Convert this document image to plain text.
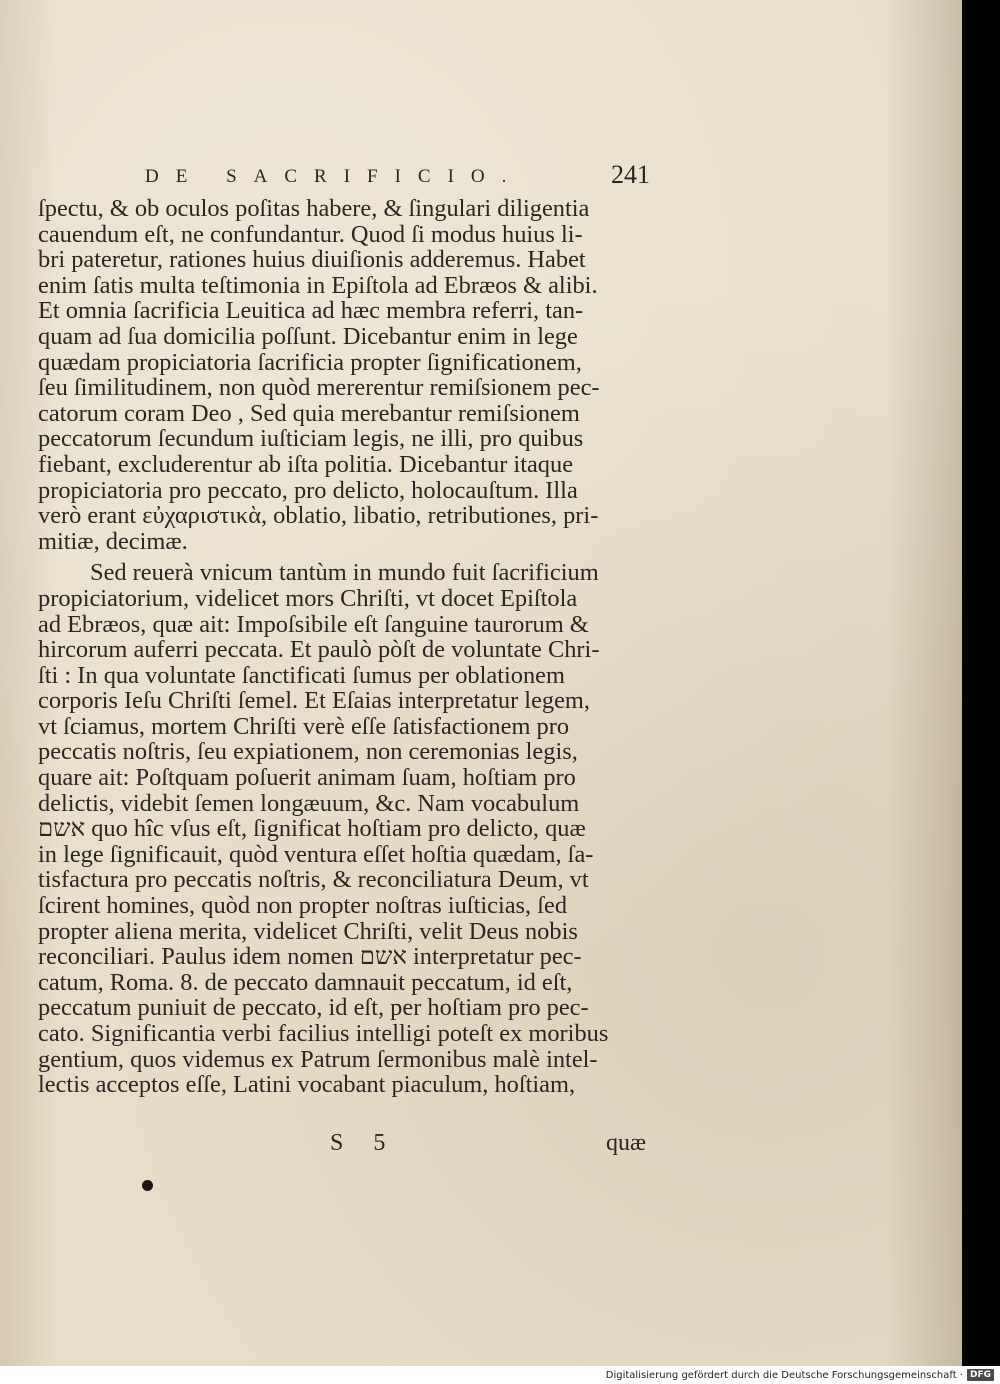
DE SACRIFICIO.	241
ſpectu, & ob oculos poſitas habere, & ſingulari diligentia
cauendum eſt, ne confundantur. Quod ſi modus huius li-
bri pateretur, rationes huius diuiſionis adderemus. Habet
enim ſatis multa teſtimonia in Epiſtola ad Ebræos & alibi.
Et omnia ſacrificia Leuitica ad hæc membra referri, tan-
quam ad ſua domicilia poſſunt. Dicebantur enim in lege
quædam propiciatoria ſacrificia propter ſignificationem,
ſeu ſimilitudinem, non quòd mererentur remiſsionem pec-
catorum coram Deo , Sed quia merebantur remiſsionem
peccatorum ſecundum iuſticiam legis, ne illi, pro quibus
fiebant, excluderentur ab iſta politia. Dicebantur itaque
propiciatoria pro peccato, pro delicto, holocauſtum. Illa
verò erant εὐχαριστικὰ, oblatio, libatio, retributiones, pri-
mitiæ, decimæ.
Sed reuerà vnicum tantùm in mundo fuit ſacrificium
propiciatorium, videlicet mors Chriſti, vt docet Epiſtola
ad Ebræos, quæ ait: Impoſsibile eſt ſanguine taurorum &
hircorum auferri peccata. Et paulò pòſt de voluntate Chri-
ſti : In qua voluntate ſanctificati ſumus per oblationem
corporis Ieſu Chriſti ſemel. Et Eſaias interpretatur legem,
vt ſciamus, mortem Chriſti verè eſſe ſatisfactionem pro
peccatis noſtris, ſeu expiationem, non ceremonias legis,
quare ait: Poſtquam poſuerit animam ſuam, hoſtiam pro
delictis, videbit ſemen longæuum, &c. Nam vocabulum
אשם quo hîc vſus eſt, ſignificat hoſtiam pro delicto, quæ
in lege ſignificauit, quòd ventura eſſet hoſtia quædam, ſa-
tisfactura pro peccatis noſtris, & reconciliatura Deum, vt
ſcirent homines, quòd non propter noſtras iuſticias, ſed
propter aliena merita, videlicet Chriſti, velit Deus nobis
reconciliari. Paulus idem nomen אשם interpretatur pec-
catum, Roma. 8. de peccato damnauit peccatum, id eſt,
peccatum puniuit de peccato, id eſt, per hoſtiam pro pec-
cato. Significantia verbi facilius intelligi poteſt ex moribus
gentium, quos videmus ex Patrum ſermonibus malè intel-
lectis acceptos eſſe, Latini vocabant piaculum, hoſtiam,
S 5	quæ
Digitalisierung gefördert durch die Deutsche Forschungsgemeinschaft · DFG
